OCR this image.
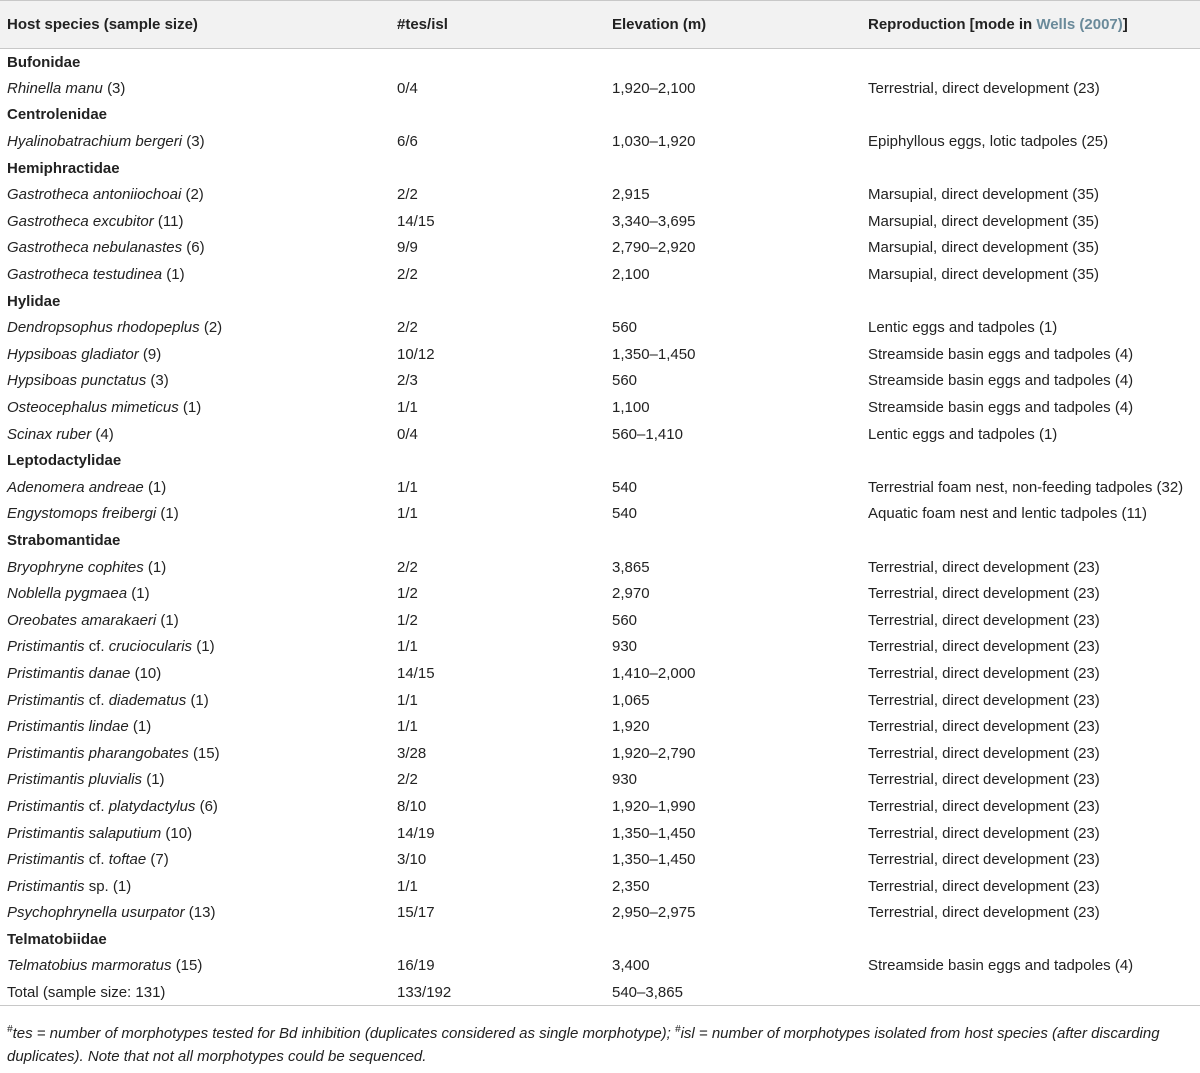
Host species (sample size)	#tes/isl	Elevation (m)	Reproduction [mode in Wells (2007)]
Bufonidae			
Rhinella manu (3)	0/4	1,920–2,100	Terrestrial, direct development (23)
Centrolenidae			
Hyalinobatrachium bergeri (3)	6/6	1,030–1,920	Epiphyllous eggs, lotic tadpoles (25)
Hemiphractidae			
Gastrotheca antoniiochoai (2)	2/2	2,915	Marsupial, direct development (35)
Gastrotheca excubitor (11)	14/15	3,340–3,695	Marsupial, direct development (35)
Gastrotheca nebulanastes (6)	9/9	2,790–2,920	Marsupial, direct development (35)
Gastrotheca testudinea (1)	2/2	2,100	Marsupial, direct development (35)
Hylidae			
Dendropsophus rhodopeplus (2)	2/2	560	Lentic eggs and tadpoles (1)
Hypsiboas gladiator (9)	10/12	1,350–1,450	Streamside basin eggs and tadpoles (4)
Hypsiboas punctatus (3)	2/3	560	Streamside basin eggs and tadpoles (4)
Osteocephalus mimeticus (1)	1/1	1,100	Streamside basin eggs and tadpoles (4)
Scinax ruber (4)	0/4	560–1,410	Lentic eggs and tadpoles (1)
Leptodactylidae			
Adenomera andreae (1)	1/1	540	Terrestrial foam nest, non-feeding tadpoles (32)
Engystomops freibergi (1)	1/1	540	Aquatic foam nest and lentic tadpoles (11)
Strabomantidae			
Bryophryne cophites (1)	2/2	3,865	Terrestrial, direct development (23)
Noblella pygmaea (1)	1/2	2,970	Terrestrial, direct development (23)
Oreobates amarakaeri (1)	1/2	560	Terrestrial, direct development (23)
Pristimantis cf. cruciocularis (1)	1/1	930	Terrestrial, direct development (23)
Pristimantis danae (10)	14/15	1,410–2,000	Terrestrial, direct development (23)
Pristimantis cf. diadematus (1)	1/1	1,065	Terrestrial, direct development (23)
Pristimantis lindae (1)	1/1	1,920	Terrestrial, direct development (23)
Pristimantis pharangobates (15)	3/28	1,920–2,790	Terrestrial, direct development (23)
Pristimantis pluvialis (1)	2/2	930	Terrestrial, direct development (23)
Pristimantis cf. platydactylus (6)	8/10	1,920–1,990	Terrestrial, direct development (23)
Pristimantis salaputium (10)	14/19	1,350–1,450	Terrestrial, direct development (23)
Pristimantis cf. toftae (7)	3/10	1,350–1,450	Terrestrial, direct development (23)
Pristimantis sp. (1)	1/1	2,350	Terrestrial, direct development (23)
Psychophrynella usurpator (13)	15/17	2,950–2,975	Terrestrial, direct development (23)
Telmatobiidae			
Telmatobius marmoratus (15)	16/19	3,400	Streamside basin eggs and tadpoles (4)
Total (sample size: 131)	133/192	540–3,865	
#tes = number of morphotypes tested for Bd inhibition (duplicates considered as single morphotype); #isl = number of morphotypes isolated from host species (after discarding duplicates). Note that not all morphotypes could be sequenced.
